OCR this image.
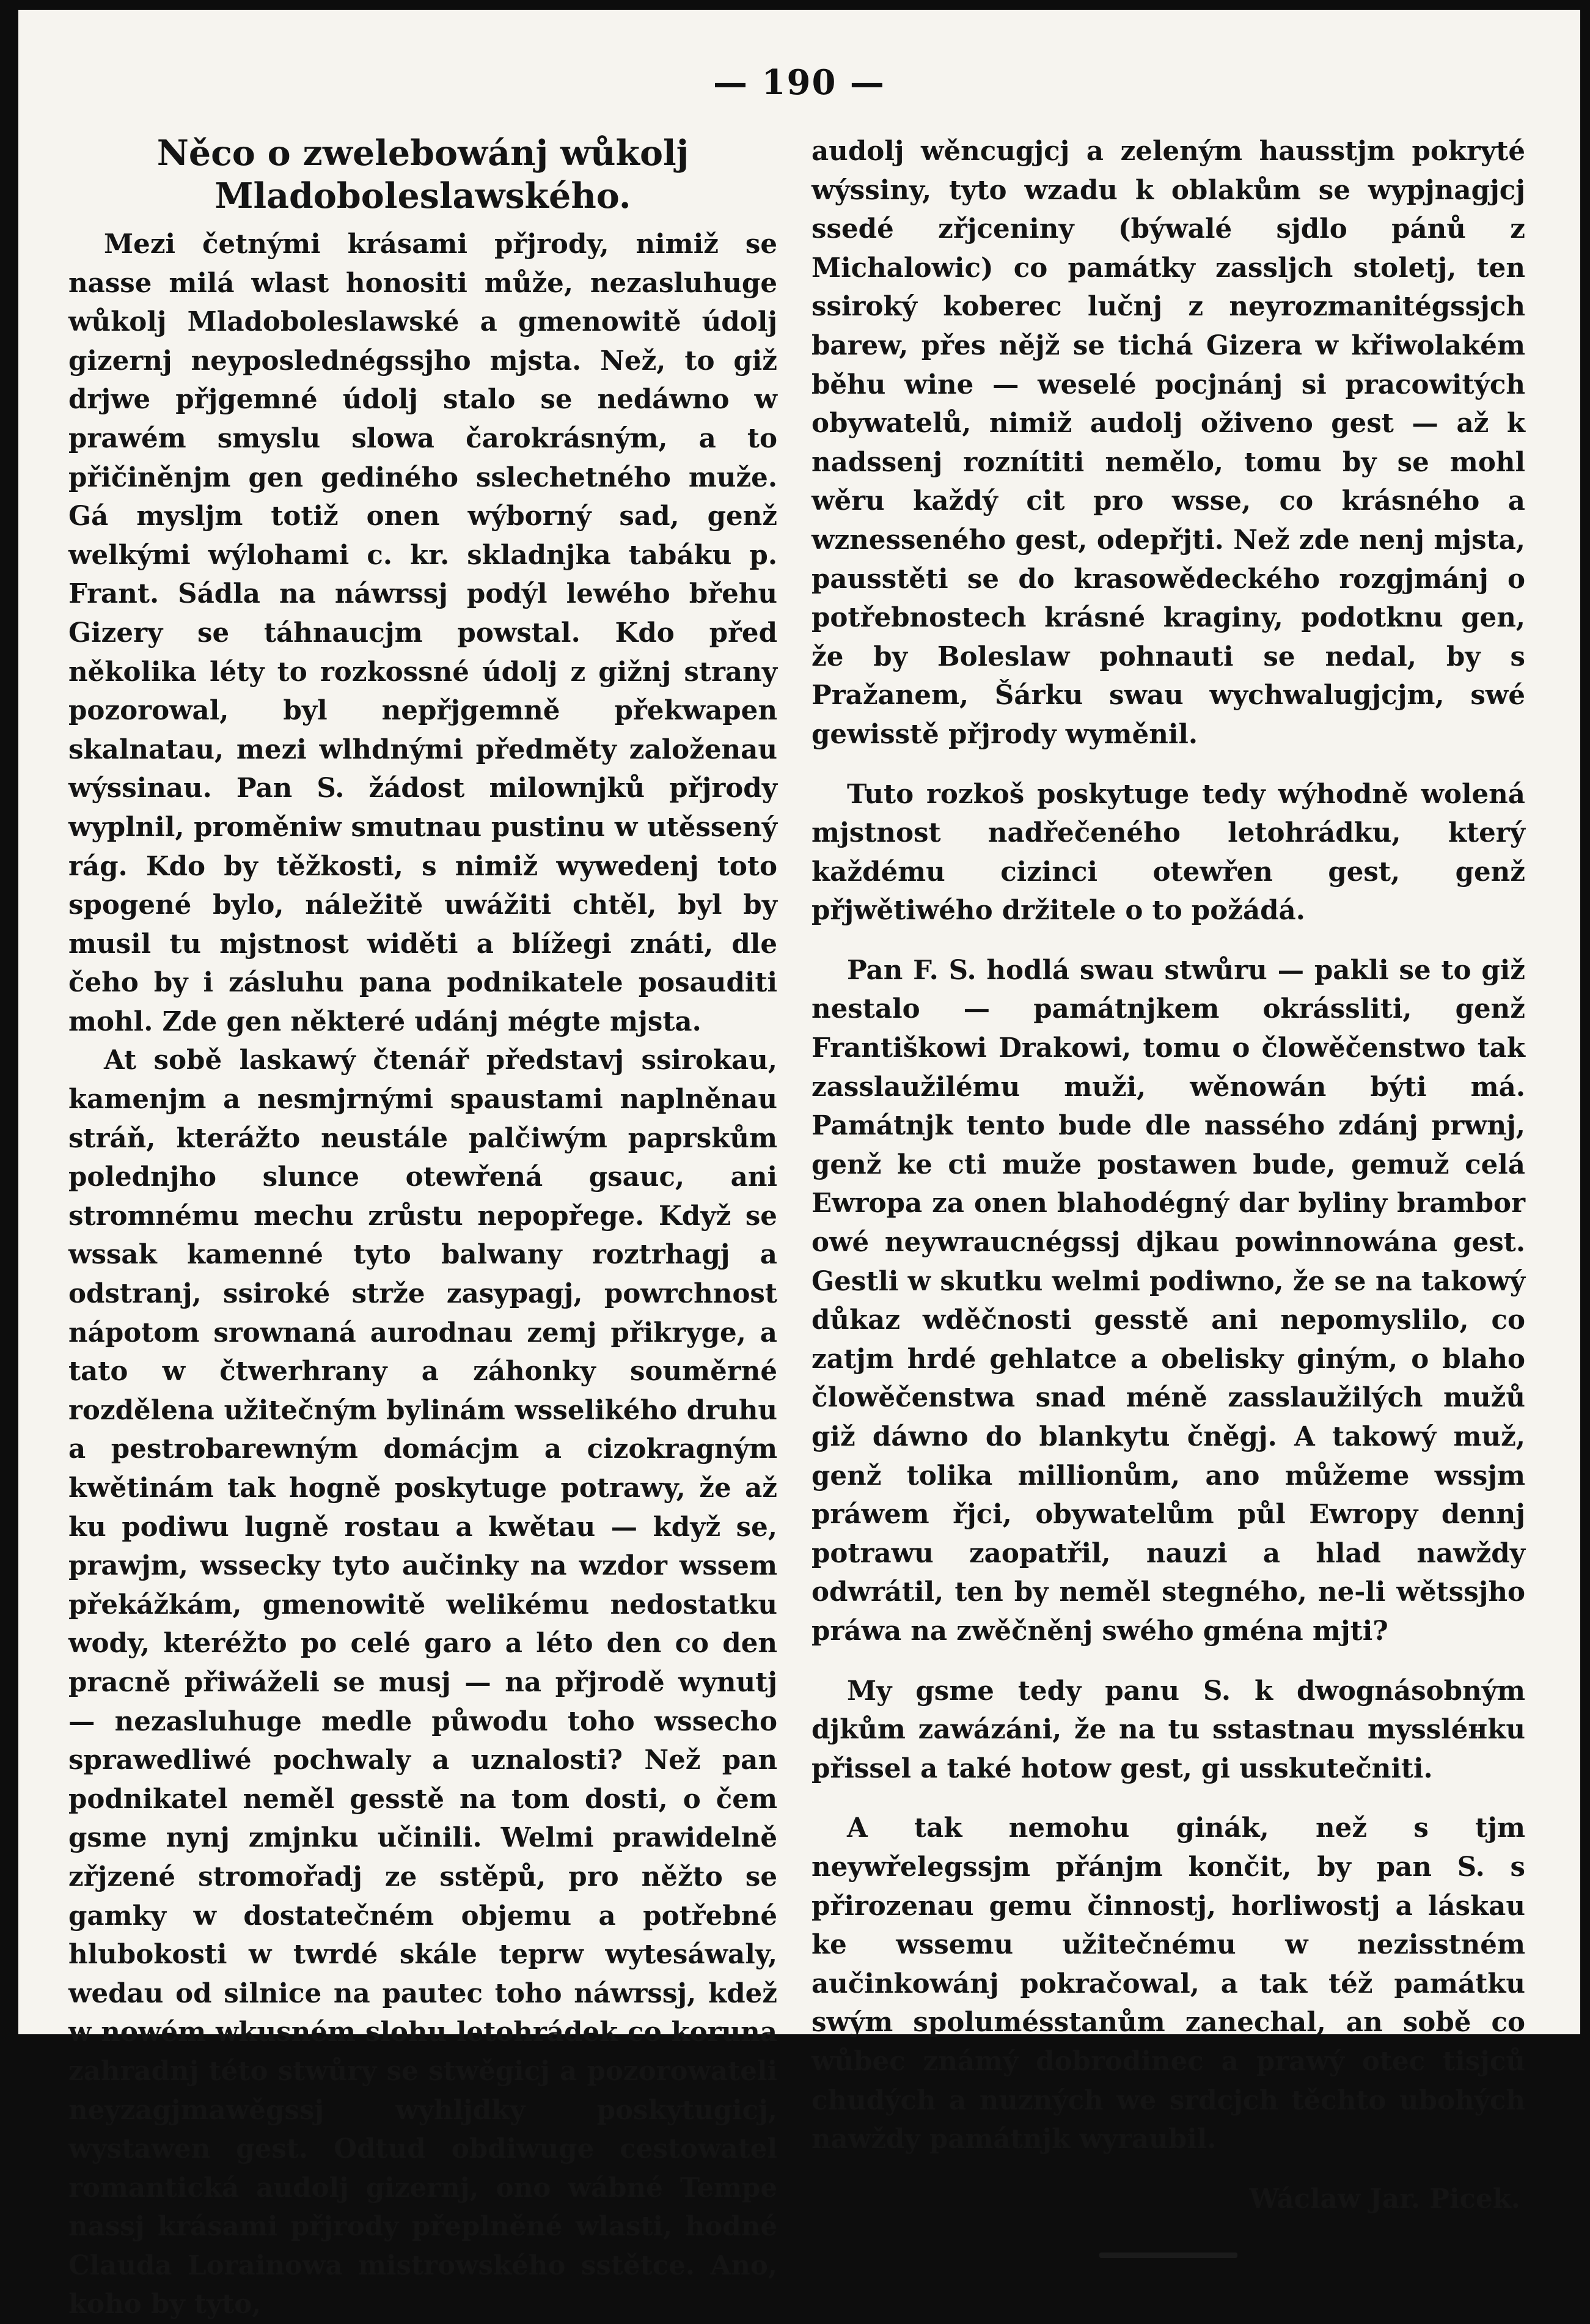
— 190 —
Něco o zwelebowánj wůkolj Mladoboleslawského.

Mezi četnými krásami přjrody, nimiž se nasse milá wlast honositi může, nezasluhuge wůkolj Mladoboleslawské a gmenowitě údolj gizernj neyposlednégssjho mjsta. Než, to giž drjwe přjgemné údolj stalo se nedáwno w prawém smyslu slowa čarokrásným, a to přičiněnjm gen gediného sslechetného muže. Gá mysljm totiž onen wýborný sad, genž welkými wýlohami c. kr. skladnjka tabáku p. Frant. Sádla na náwrssj podýl lewého břehu Gizery se táhnaucjm powstal. Kdo před několika léty to rozkossné údolj z gižnj strany pozorowal, byl nepřjgemně překwapen skalnatau, mezi wlhdnými předměty založenau wýssinau. Pan S. žádost milownjků přjrody wyplnil, proměniw smutnau pustinu w utěssený rág. Kdo by těžkosti, s nimiž wywedenj toto spogené bylo, náležitě uwážiti chtěl, byl by musil tu mjstnost widěti a blížegi znáti, dle čeho by i zásluhu pana podnikatele posauditi mohl. Zde gen některé udánj mégte mjsta.

At sobě laskawý čtenář představj ssirokau, kamenjm a nesmjrnými spaustami naplněnau stráň, kterážto neustále palčiwým paprskům polednjho slunce otewřená gsauc, ani stromnému mechu zrůstu nepopřege. Když se wssak kamenné tyto balwany roztrhagj a odstranj, ssiroké strže zasypagj, powrchnost nápotom srownaná aurodnau zemj přikryge, a tato w čtwerhrany a záhonky souměrné rozdělena užitečným bylinám wsselikého druhu a pestrobarewným domácjm a cizokragným kwětinám tak hogně poskytuge potrawy, že až ku podiwu lugně rostau a kwětau — když se, prawjm, wssecky tyto aučinky na wzdor wssem překážkám, gmenowitě welikému nedostatku wody, kteréžto po celé garo a léto den co den pracně přiwáželi se musj — na přjrodě wynutj — nezasluhuge medle půwodu toho wssecho sprawedliwé pochwaly a uznalosti? Než pan podnikatel neměl gesstě na tom dosti, o čem gsme nynj zmjnku učinili. Welmi prawidelně zřjzené stromořadj ze sstěpů, pro něžto se gamky w dostatečném objemu a potřebné hlubokosti w twrdé skále teprw wytesáwaly, wedau od silnice na pautec toho náwrssj, kdež w nowém wkusném slohu letohrádek co koruna zahradnj této stwůry se stwěgicj a pozorowateli neyzagjmawěgssj wyhljdky poskytugicj, wystawen gest. Odtud obdiwuge cestowatel romantická audolj gizernj, ono wábné Tempe nassj krásami přjrody přeplněné wlasti, hodné Clauda Lorainowa mistrowského sstětce. Ano, koho by tyto,

audolj wěncugjcj a zeleným hausstjm pokryté wýssiny, tyto wzadu k oblakům se wypjnagjcj ssedé zřjceniny (býwalé sjdlo pánů z Michalowic) co památky zassljch stoletj, ten ssiroký koberec lučnj z neyrozmanitégssjch barew, přes nějž se tichá Gizera w křiwolakém běhu wine — weselé pocjnánj si pracowitých obywatelů, nimiž audolj oživeno gest — až k nadssenj roznítiti nemělo, tomu by se mohl wěru každý cit pro wsse, co krásného a wznesseného gest, odepřjti. Než zde nenj mjsta, pausstěti se do krasowědeckého rozgjmánj o potřebnostech krásné kraginy, podotknu gen, že by Boleslaw pohnauti se nedal, by s Pražanem, Šárku swau wychwalugjcjm, swé gewisstě přjrody wyměnil.

Tuto rozkoš poskytuge tedy wýhodně wolená mjstnost nadřečeného letohrádku, který každému cizinci otewřen gest, genž přjwětiwého držitele o to požádá.

Pan F. S. hodlá swau stwůru — pakli se to giž nestalo — památnjkem okrássliti, genž Františkowi Drakowi, tomu o člowěčenstwo tak zasslaužilému muži, wěnowán býti má. Památnjk tento bude dle nassého zdánj prwnj, genž ke cti muže postawen bude, gemuž celá Ewropa za onen blahodégný dar byliny brambor owé neywraucnégssj djkau powinnowána gest. Gestli w skutku welmi podiwno, že se na takowý důkaz wděčnosti gesstě ani nepomyslilo, co zatjm hrdé gehlatce a obelisky giným, o blaho člowěčenstwa snad méně zasslaužilých mužů giž dáwno do blankytu čněgj. A takowý muž, genž tolika millionům, ano můžeme wssjm práwem řjci, obywatelům půl Ewropy dennj potrawu zaopatřil, nauzi a hlad nawždy odwrátil, ten by neměl stegného, ne-li wětssjho práwa na zwěčněnj swého gména mjti?

My gsme tedy panu S. k dwognásobným djkům zawázáni, že na tu sstastnau myssléнku přissel a také hotow gest, gi usskutečniti.

A tak nemohu ginák, než s tjm neywřelegssjm přánjm končit, by pan S. s přirozenau gemu činnostj, horliwostj a láskau ke wssemu užitečnému w nezisstném aučinkowánj pokračowal, a tak též památku swým spolumésstanům zanechal, an sobě co wůbec známý dobrodinec a prawý otec tisjců chudých a nuzných we srdcjch těchto ubohých nawždy památnjk wyraubil.

Wáclaw Jar. Picek.
